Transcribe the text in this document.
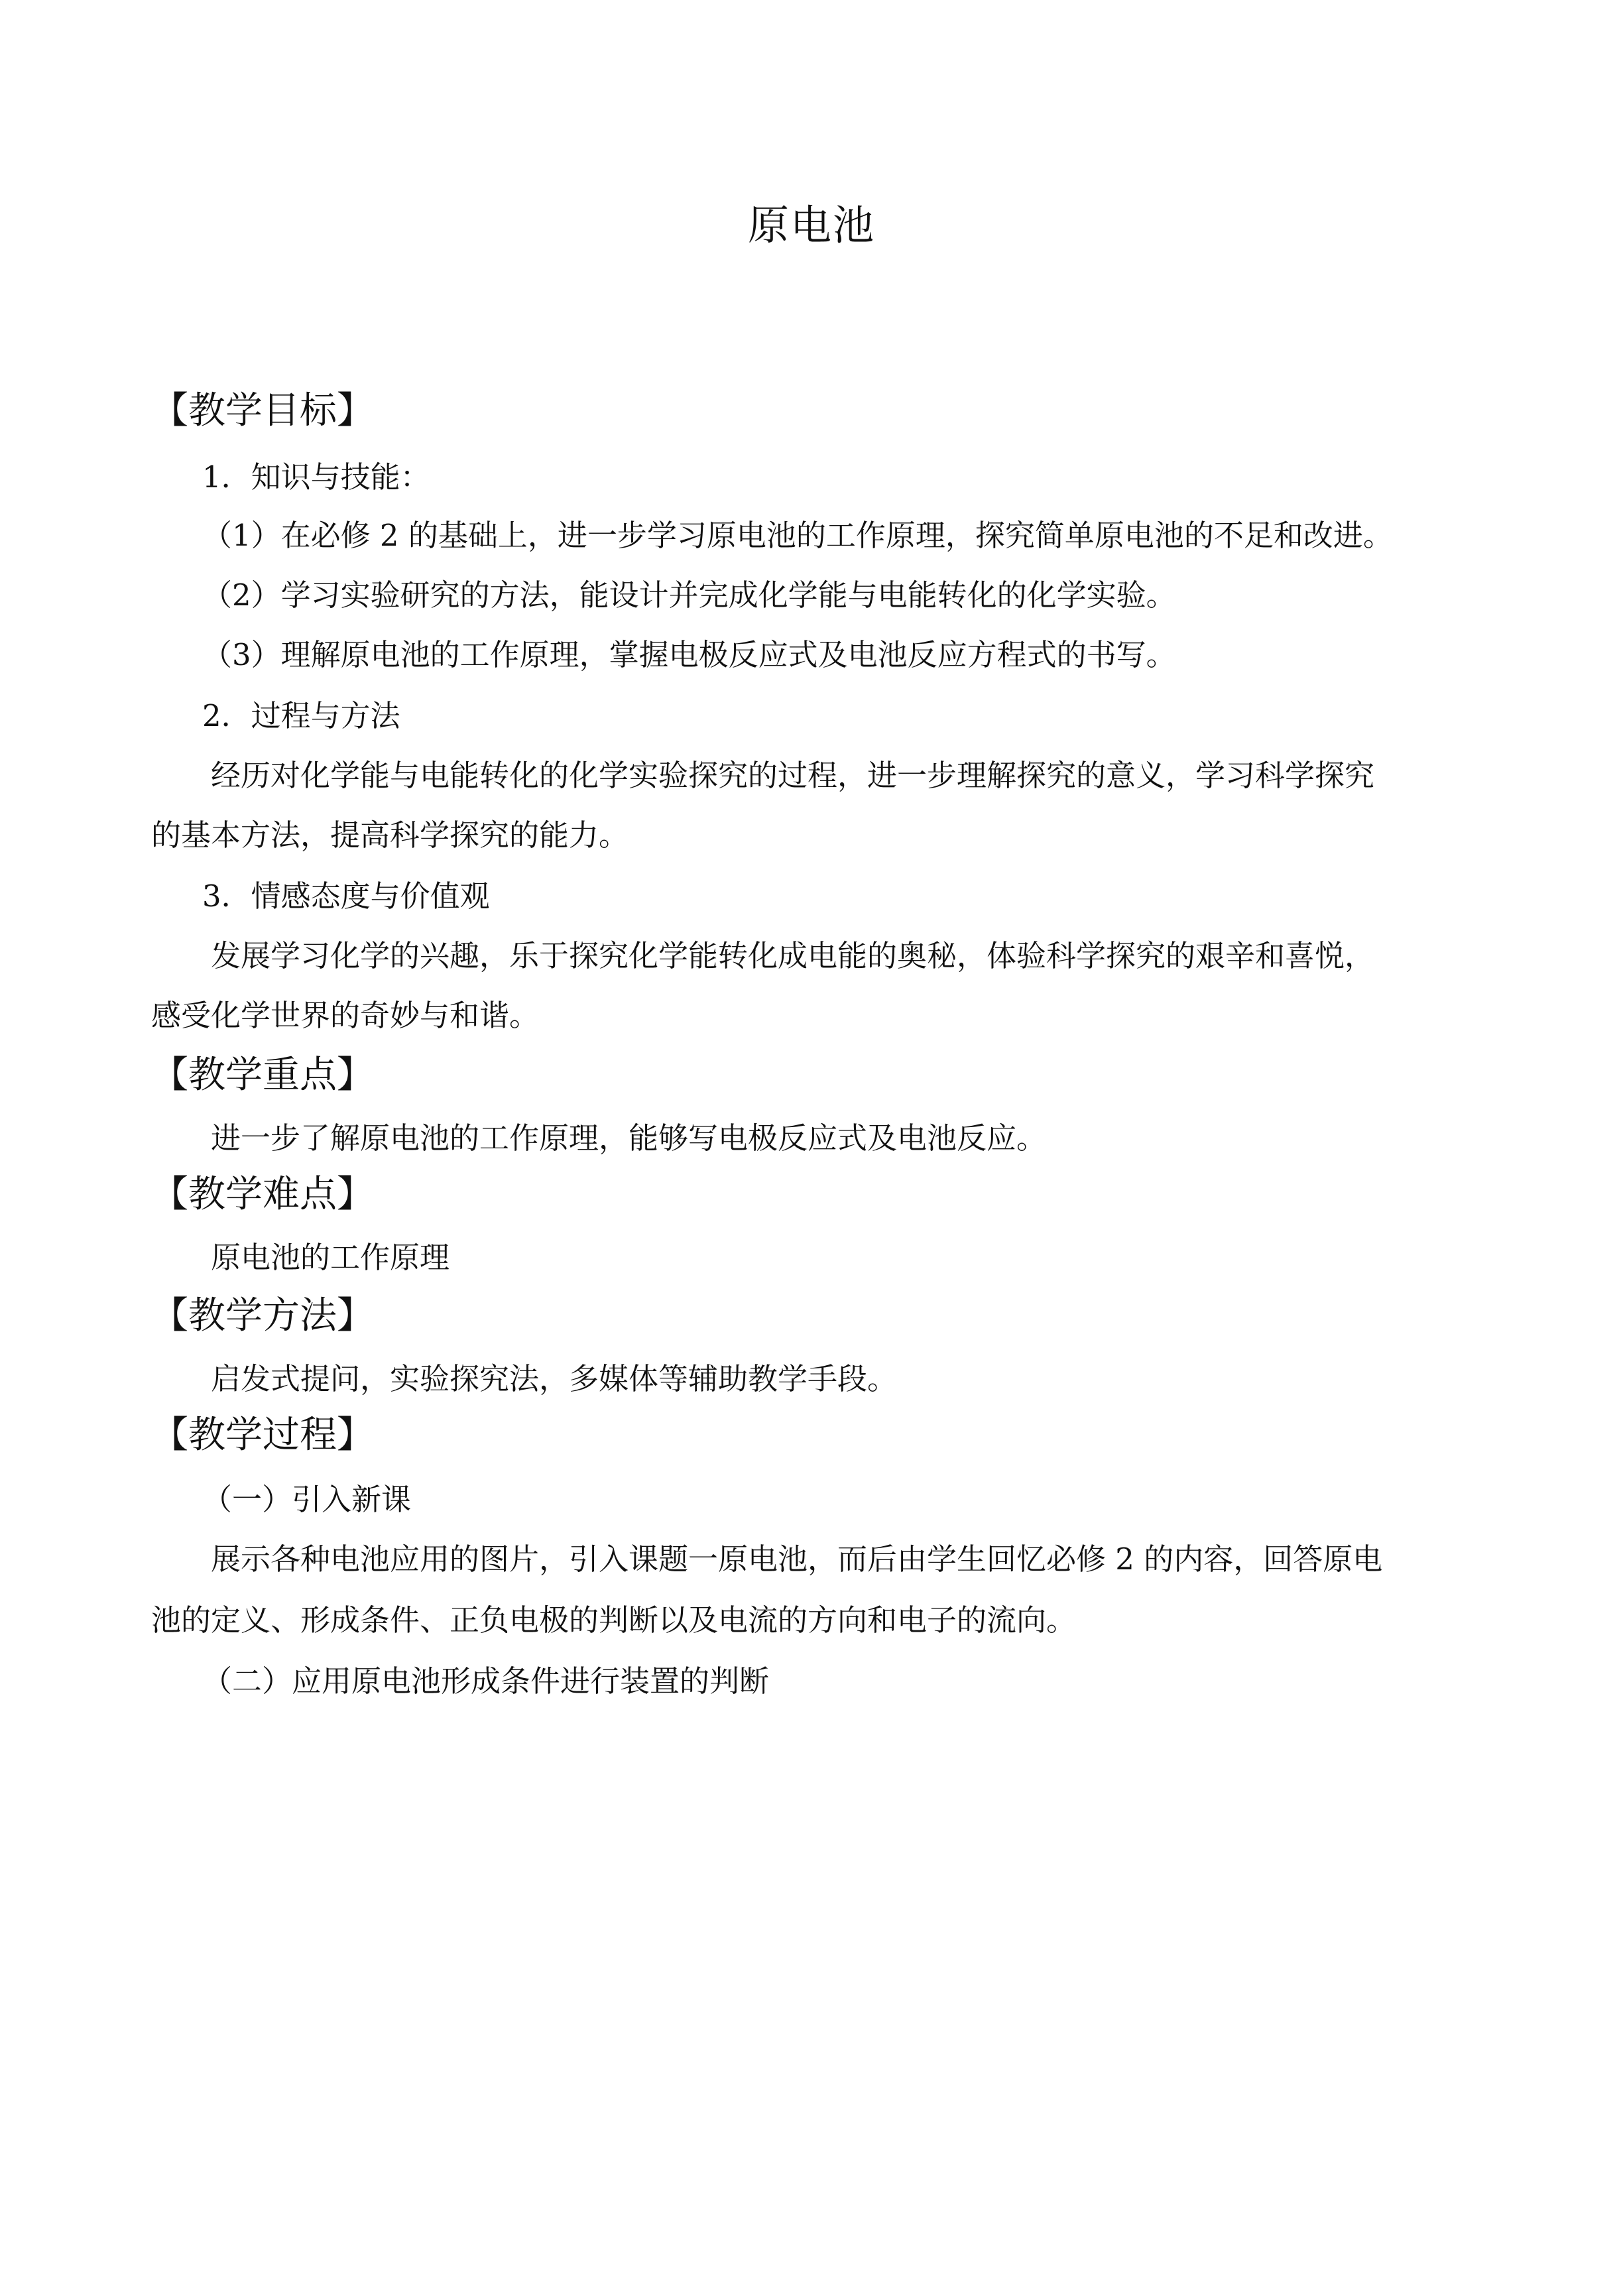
原电池
【教学目标】
1．知识与技能：
（1）在必修 2 的基础上，进一步学习原电池的工作原理，探究简单原电池的不足和改进。
（2）学习实验研究的方法，能设计并完成化学能与电能转化的化学实验。
（3）理解原电池的工作原理，掌握电极反应式及电池反应方程式的书写。
2．过程与方法
经历对化学能与电能转化的化学实验探究的过程，进一步理解探究的意义，学习科学探究
的基本方法，提高科学探究的能力。
3．情感态度与价值观
发展学习化学的兴趣，乐于探究化学能转化成电能的奥秘，体验科学探究的艰辛和喜悦，
感受化学世界的奇妙与和谐。
【教学重点】
进一步了解原电池的工作原理，能够写电极反应式及电池反应。
【教学难点】
原电池的工作原理
【教学方法】
启发式提问，实验探究法，多媒体等辅助教学手段。
【教学过程】
（一）引入新课
展示各种电池应用的图片，引入课题一原电池，而后由学生回忆必修 2 的内容，回答原电
池的定义、形成条件、正负电极的判断以及电流的方向和电子的流向。
（二）应用原电池形成条件进行装置的判断
